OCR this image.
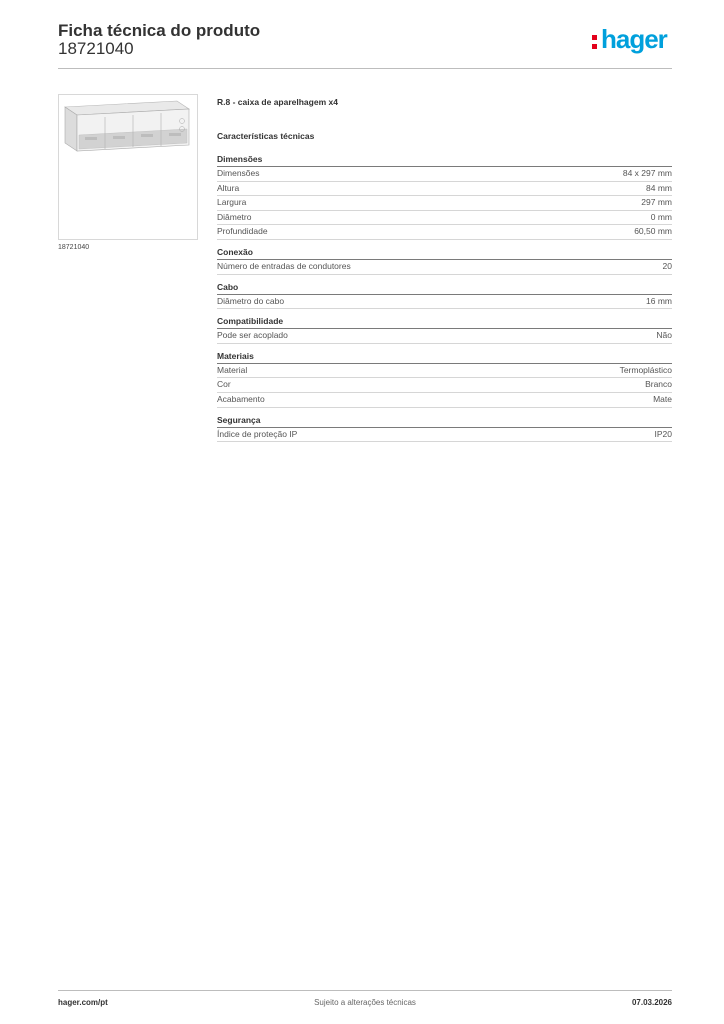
Ficha técnica do produto
18721040	hager
18721040
R.8 - caixa de aparelhagem x4
Características técnicas
Dimensões
Dimensões	84 x 297 mm
Altura	84 mm
Largura	297 mm
Diâmetro	0 mm
Profundidade	60,50 mm
Conexão
Número de entradas de condutores	20
Cabo
Diâmetro do cabo	16 mm
Compatibilidade
Pode ser acoplado	Não
Materiais
Material	Termoplástico
Cor	Branco
Acabamento	Mate
Segurança
Índice de proteção IP	IP20
hager.com/pt	Sujeito a alterações técnicas	07.03.2026
